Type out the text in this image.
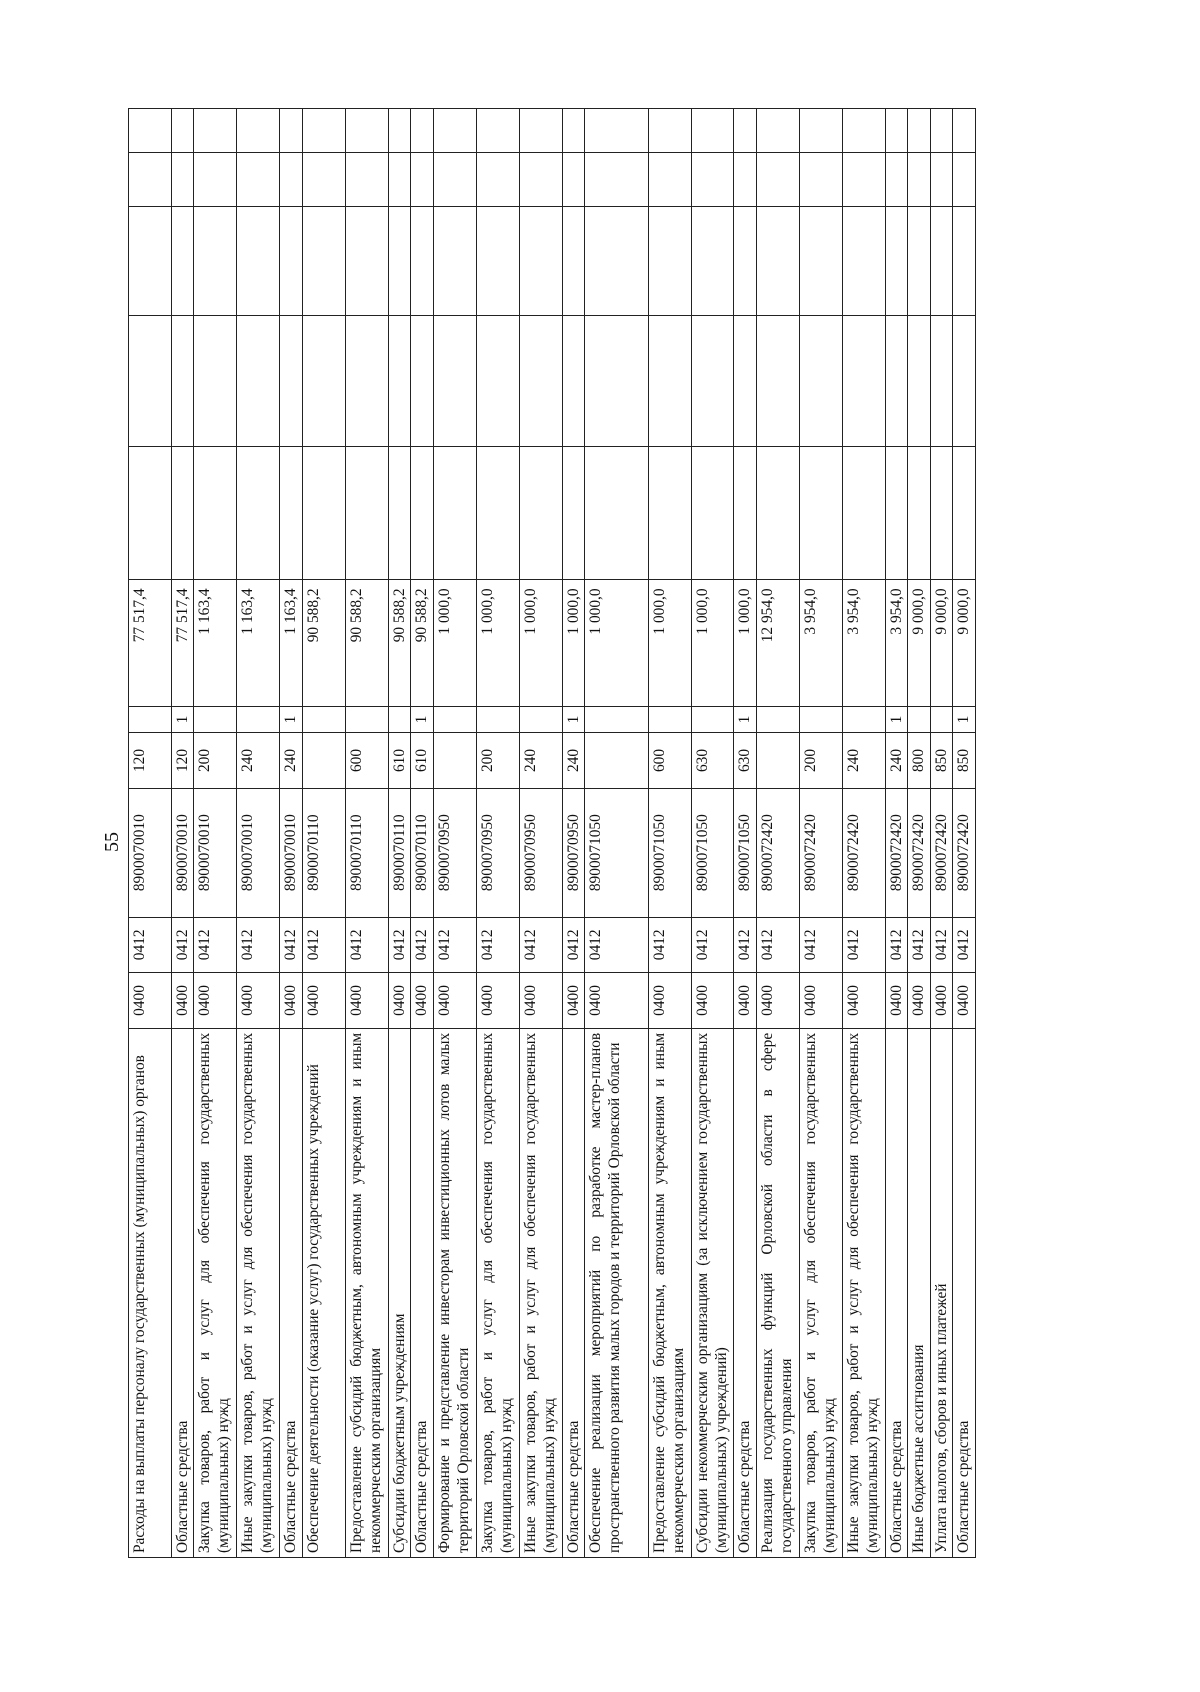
55
Расходы на выплаты персоналу государственных (муниципальных) органов	0400	0412	8900070010	120		77 517,4					
Областные средства	0400	0412	8900070010	120	1	77 517,4					
Закупка товаров, работ и услуг для обеспечения государственных (муниципальных) нужд	0400	0412	8900070010	200		1 163,4					
Иные закупки товаров, работ и услуг для обеспечения государственных (муниципальных) нужд	0400	0412	8900070010	240		1 163,4					
Областные средства	0400	0412	8900070010	240	1	1 163,4					
Обеспечение деятельности (оказание услуг) государственных учреждений	0400	0412	8900070110			90 588,2					
Предоставление субсидий бюджетным, автономным учреждениям и иным некоммерческим организациям	0400	0412	8900070110	600		90 588,2					
Субсидии бюджетным учреждениям	0400	0412	8900070110	610		90 588,2					
Областные средства	0400	0412	8900070110	610	1	90 588,2					
Формирование и представление инвесторам инвестиционных лотов малых территорий Орловской области	0400	0412	8900070950			1 000,0					
Закупка товаров, работ и услуг для обеспечения государственных (муниципальных) нужд	0400	0412	8900070950	200		1 000,0					
Иные закупки товаров, работ и услуг для обеспечения государственных (муниципальных) нужд	0400	0412	8900070950	240		1 000,0					
Областные средства	0400	0412	8900070950	240	1	1 000,0					
Обеспечение реализации мероприятий по разработке мастер-планов пространственного развития малых городов и территорий Орловской области	0400	0412	8900071050			1 000,0					
Предоставление субсидий бюджетным, автономным учреждениям и иным некоммерческим организациям	0400	0412	8900071050	600		1 000,0					
Субсидии некоммерческим организациям (за исключением государственных (муниципальных) учреждений)	0400	0412	8900071050	630		1 000,0					
Областные средства	0400	0412	8900071050	630	1	1 000,0					
Реализация государственных функций Орловской области в сфере государственного управления	0400	0412	8900072420			12 954,0					
Закупка товаров, работ и услуг для обеспечения государственных (муниципальных) нужд	0400	0412	8900072420	200		3 954,0					
Иные закупки товаров, работ и услуг для обеспечения государственных (муниципальных) нужд	0400	0412	8900072420	240		3 954,0					
Областные средства	0400	0412	8900072420	240	1	3 954,0					
Иные бюджетные ассигнования	0400	0412	8900072420	800		9 000,0					
Уплата налогов, сборов и иных платежей	0400	0412	8900072420	850		9 000,0					
Областные средства	0400	0412	8900072420	850	1	9 000,0					
